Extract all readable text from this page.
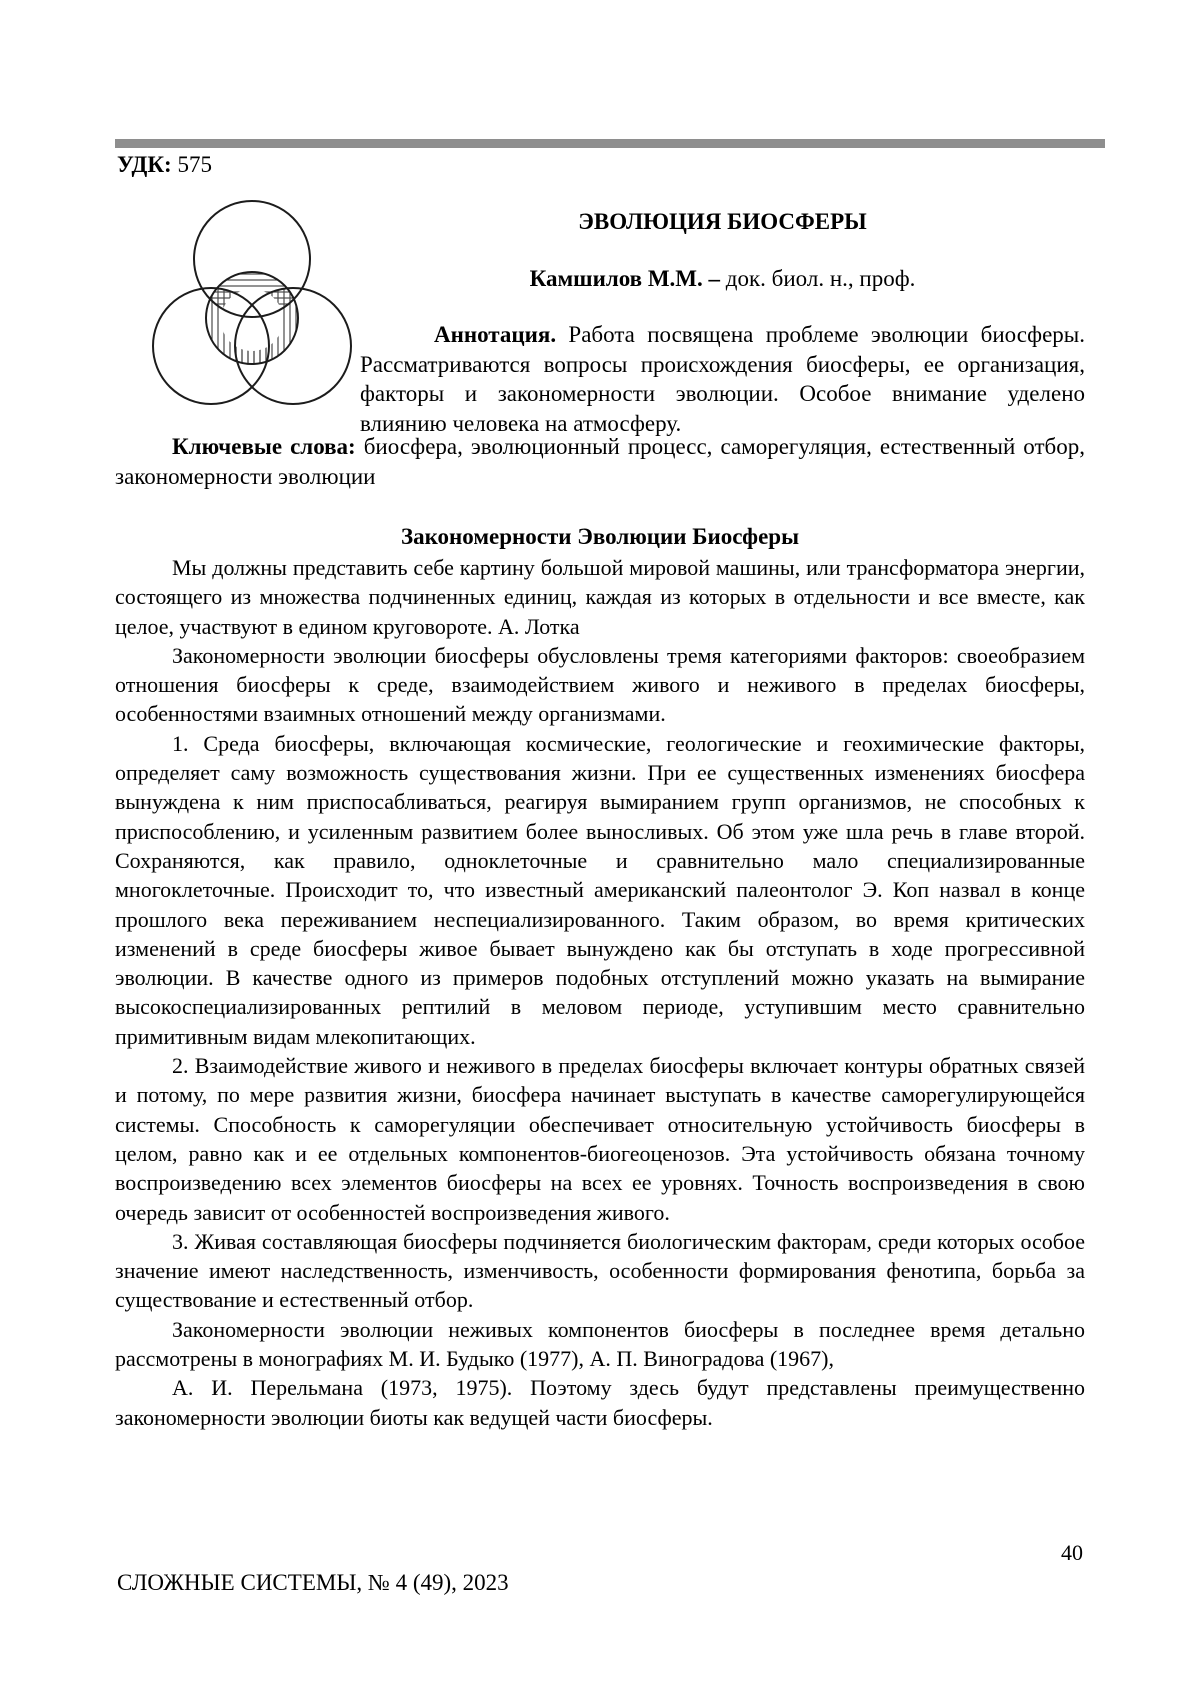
УДК: 575
ЭВОЛЮЦИЯ БИОСФЕРЫ
Камшилов М.М. – док. биол. н., проф.
Аннотация. Работа посвящена проблеме эволюции биосферы. Рассматриваются вопросы происхождения биосферы, ее организация, факторы и закономерности эволюции. Особое внимание уделено влиянию человека на атмосферу.
Ключевые слова: биосфера, эволюционный процесс, саморегуляция, естественный отбор, закономерности эволюции
Закономерности Эволюции Биосферы

Мы должны представить себе картину большой мировой машины, или трансформатора энергии, состоящего из множества подчиненных единиц, каждая из которых в отдельности и все вместе, как целое, участвуют в едином круговороте. А. Лотка

Закономерности эволюции биосферы обусловлены тремя категориями факторов: своеобразием отношения биосферы к среде, взаимодействием живого и неживого в пределах биосферы, особенностями взаимных отношений между организмами.

1. Среда биосферы, включающая космические, геологические и геохимические факторы, определяет саму возможность существования жизни. При ее существенных изменениях биосфера вынуждена к ним приспосабливаться, реагируя вымиранием групп организмов, не способных к приспособлению, и усиленным развитием более выносливых. Об этом уже шла речь в главе второй. Сохраняются, как правило, одноклеточные и сравнительно мало специализированные многоклеточные. Происходит то, что известный американский палеонтолог Э. Коп назвал в конце прошлого века переживанием неспециализированного. Таким образом, во время критических изменений в среде биосферы живое бывает вынуждено как бы отступать в ходе прогрессивной эволюции. В качестве одного из примеров подобных отступлений можно указать на вымирание высокоспециализированных рептилий в меловом периоде, уступившим место сравнительно примитивным видам млекопитающих.

2. Взаимодействие живого и неживого в пределах биосферы включает контуры обратных связей и потому, по мере развития жизни, биосфера начинает выступать в качестве саморегулирующейся системы. Способность к саморегуляции обеспечивает относительную устойчивость биосферы в целом, равно как и ее отдельных компонентов-биогеоценозов. Эта устойчивость обязана точному воспроизведению всех элементов биосферы на всех ее уровнях. Точность воспроизведения в свою очередь зависит от особенностей воспроизведения живого.

3. Живая составляющая биосферы подчиняется биологическим факторам, среди которых особое значение имеют наследственность, изменчивость, особенности формирования фенотипа, борьба за существование и естественный отбор.

Закономерности эволюции неживых компонентов биосферы в последнее время детально рассмотрены в монографиях М. И. Будыко (1977), А. П. Виноградова (1967),

А. И. Перельмана (1973, 1975). Поэтому здесь будут представлены преимущественно закономерности эволюции биоты как ведущей части биосферы.

40
СЛОЖНЫЕ СИСТЕМЫ, № 4 (49), 2023
